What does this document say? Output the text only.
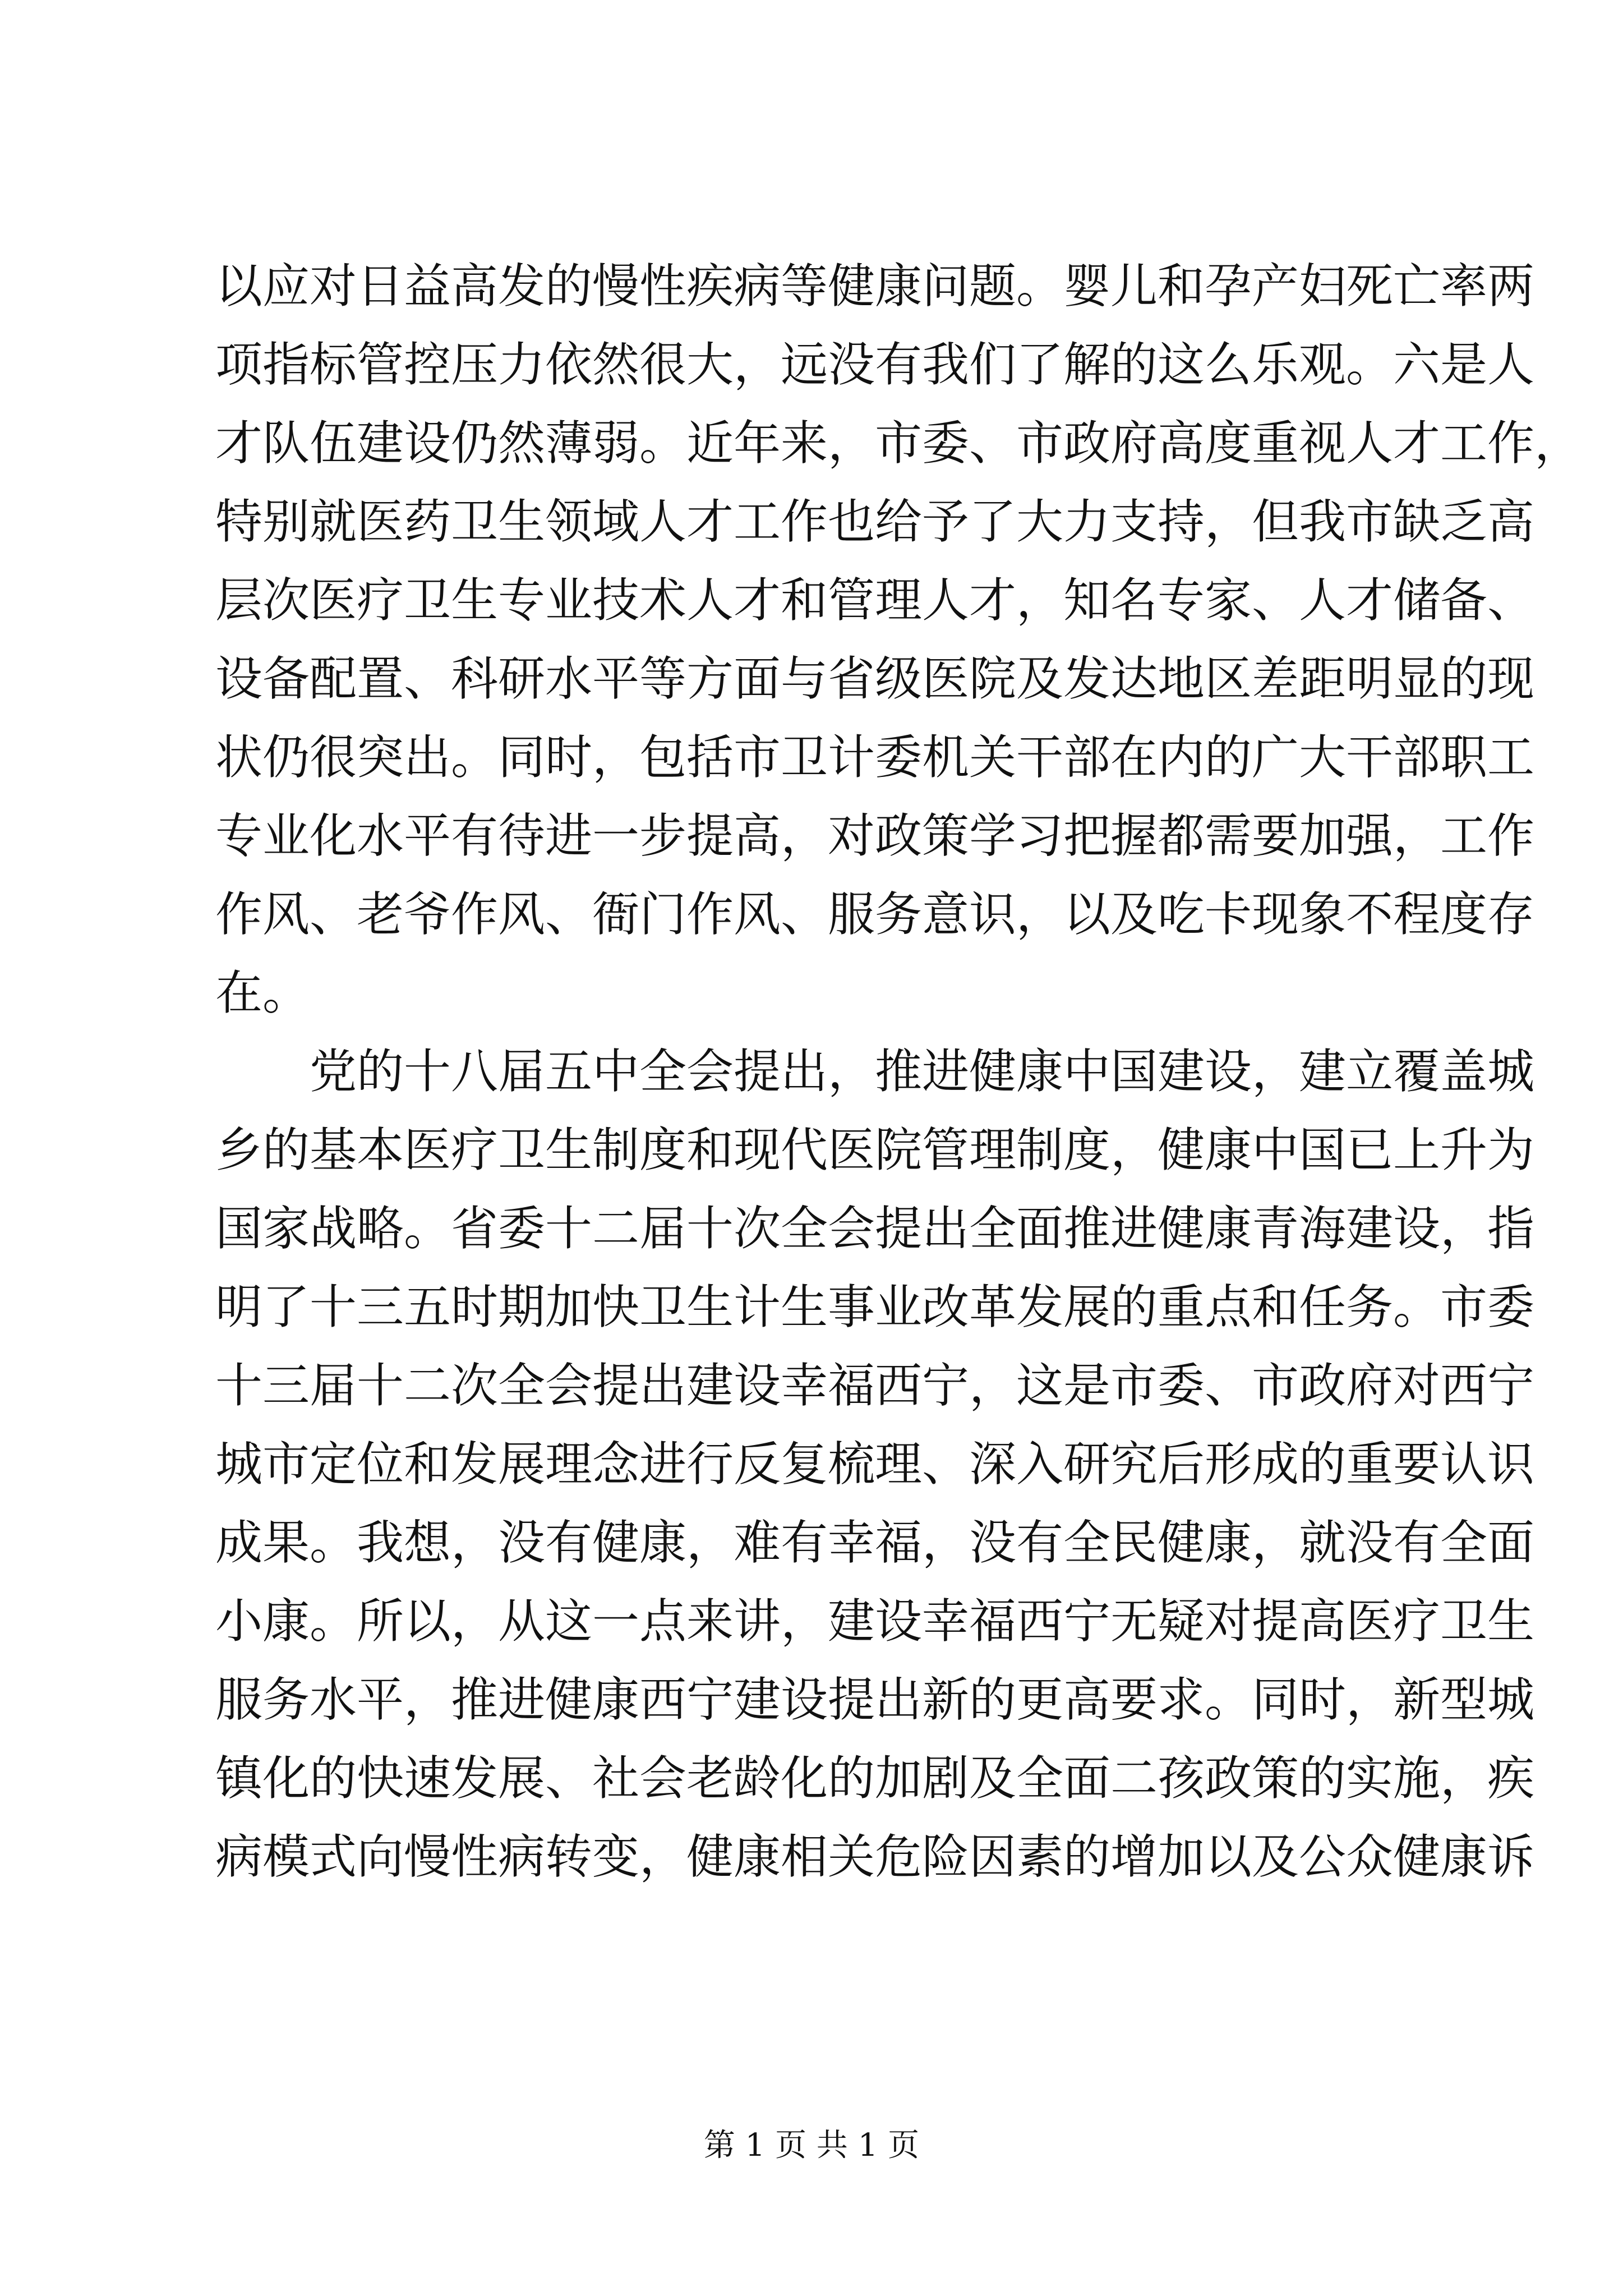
以应对日益高发的慢性疾病等健康问题。婴儿和孕产妇死亡率两
项指标管控压力依然很大，远没有我们了解的这么乐观。六是人
才队伍建设仍然薄弱。近年来，市委、市政府高度重视人才工作，
特别就医药卫生领域人才工作也给予了大力支持，但我市缺乏高
层次医疗卫生专业技术人才和管理人才，知名专家、人才储备、
设备配置、科研水平等方面与省级医院及发达地区差距明显的现
状仍很突出。同时，包括市卫计委机关干部在内的广大干部职工
专业化水平有待进一步提高，对政策学习把握都需要加强，工作
作风、老爷作风、衙门作风、服务意识，以及吃卡现象不程度存
在。
党的十八届五中全会提出，推进健康中国建设，建立覆盖城
乡的基本医疗卫生制度和现代医院管理制度，健康中国已上升为
国家战略。省委十二届十次全会提出全面推进健康青海建设，指
明了十三五时期加快卫生计生事业改革发展的重点和任务。市委
十三届十二次全会提出建设幸福西宁，这是市委、市政府对西宁
城市定位和发展理念进行反复梳理、深入研究后形成的重要认识
成果。我想，没有健康，难有幸福，没有全民健康，就没有全面
小康。所以，从这一点来讲，建设幸福西宁无疑对提高医疗卫生
服务水平，推进健康西宁建设提出新的更高要求。同时，新型城
镇化的快速发展、社会老龄化的加剧及全面二孩政策的实施，疾
病模式向慢性病转变，健康相关危险因素的增加以及公众健康诉
第 1 页 共 1 页
